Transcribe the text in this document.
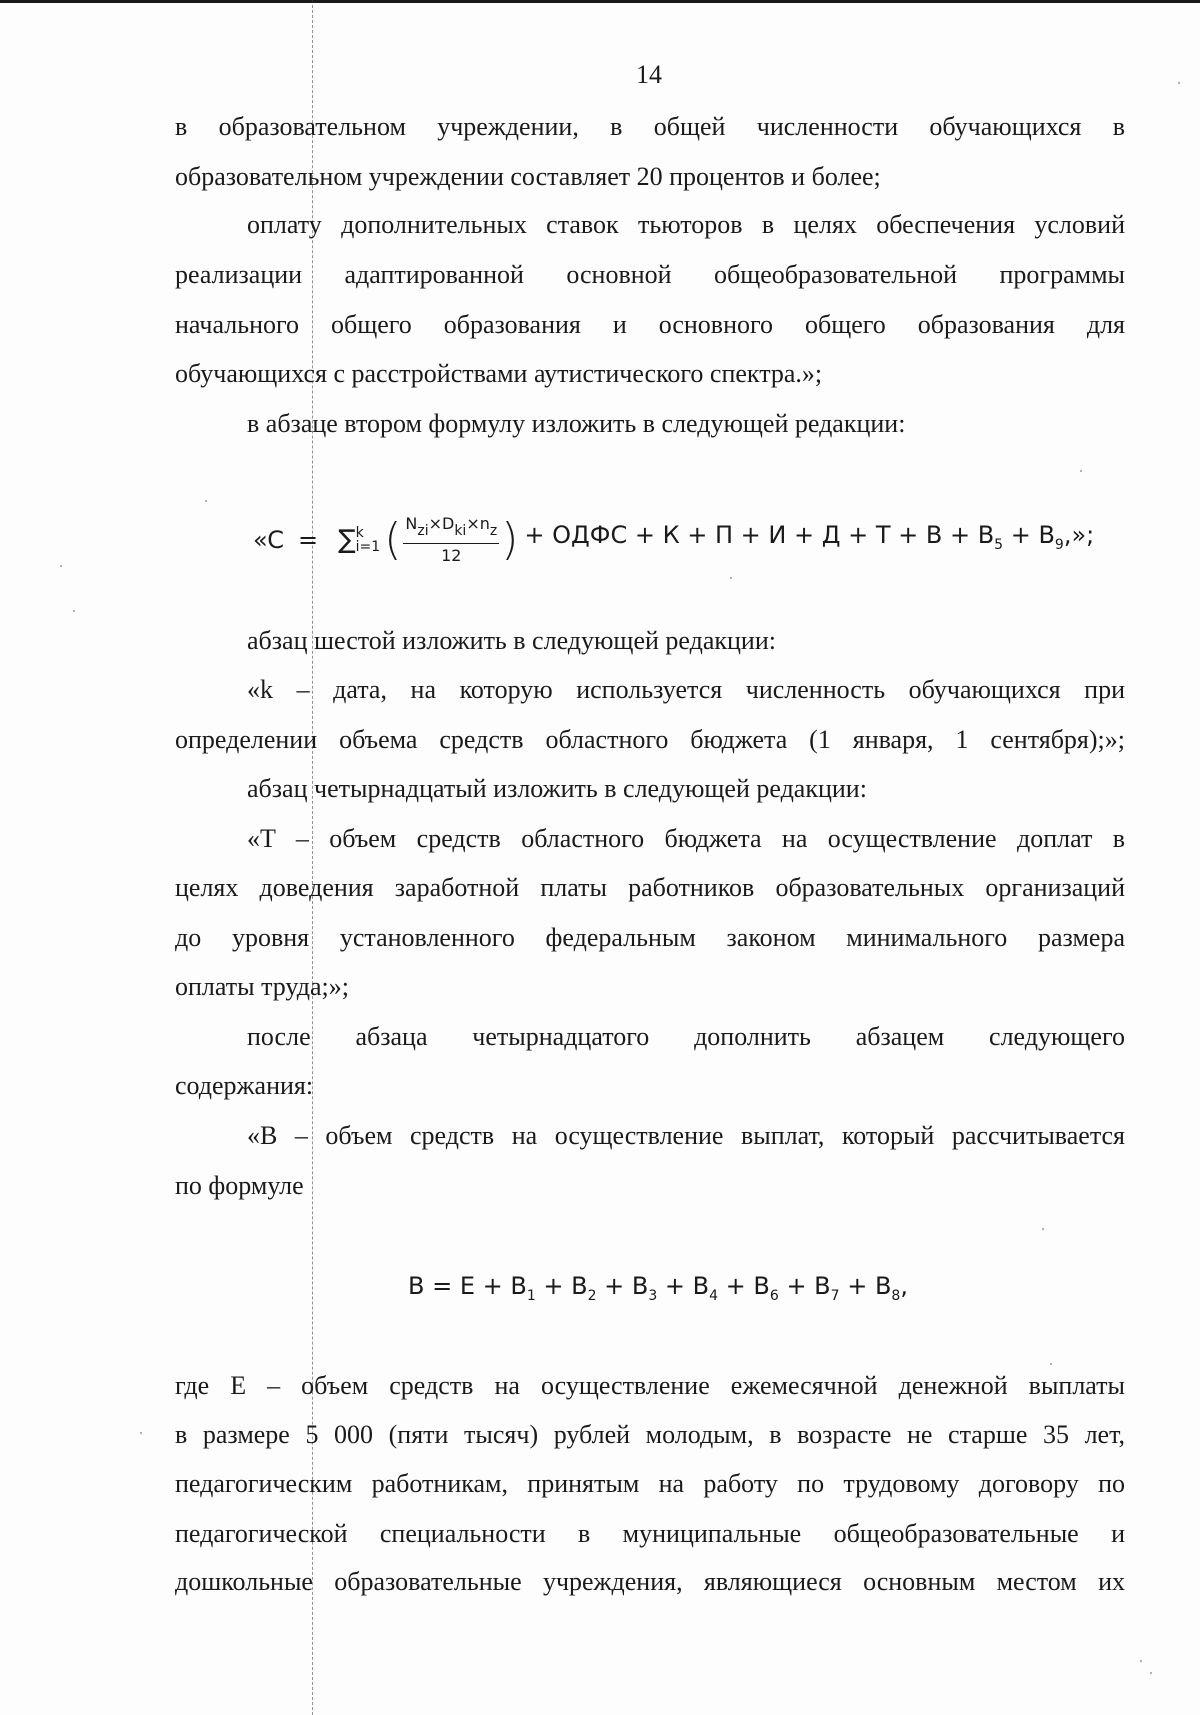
14
в образовательном учреждении, в общей численности обучающихся в
образовательном учреждении составляет 20 процентов и более;
оплату дополнительных ставок тьюторов в целях обеспечения условий
реализации адаптированной основной общеобразовательной программы
начального общего образования и основного общего образования для
обучающихся с расстройствами аутистического спектра.»;
в абзаце втором формулу изложить в следующей редакции:
«C = ∑ k
i=1 ( $\frac{\text{Nzi×Dki×nz}}{12}$ ) + ОДФС + $К + П + И + Д + Т + В + В_5 + В_9$,»;
абзац шестой изложить в следующей редакции:
«k – дата, на которую используется численность обучающихся при
определении объема средств областного бюджета (1 января, 1 сентября);»;
абзац четырнадцатый изложить в следующей редакции:
«T – объем средств областного бюджета на осуществление доплат в
целях доведения заработной платы работников образовательных организаций
до уровня установленного федеральным законом минимального размера
оплаты труда;»;
после абзаца четырнадцатого дополнить абзацем следующего
содержания:
«B – объем средств на осуществление выплат, который рассчитывается
по формуле
$B = E + B_1 + B_2 + B_3 + B_4 + B_6 + B_7 + B_8$,
где E – объем средств на осуществление ежемесячной денежной выплаты
в размере 5 000 (пяти тысяч) рублей молодым, в возрасте не старше 35 лет,
педагогическим работникам, принятым на работу по трудовому договору по
педагогической специальности в муниципальные общеобразовательные и
дошкольные образовательные учреждения, являющиеся основным местом их
